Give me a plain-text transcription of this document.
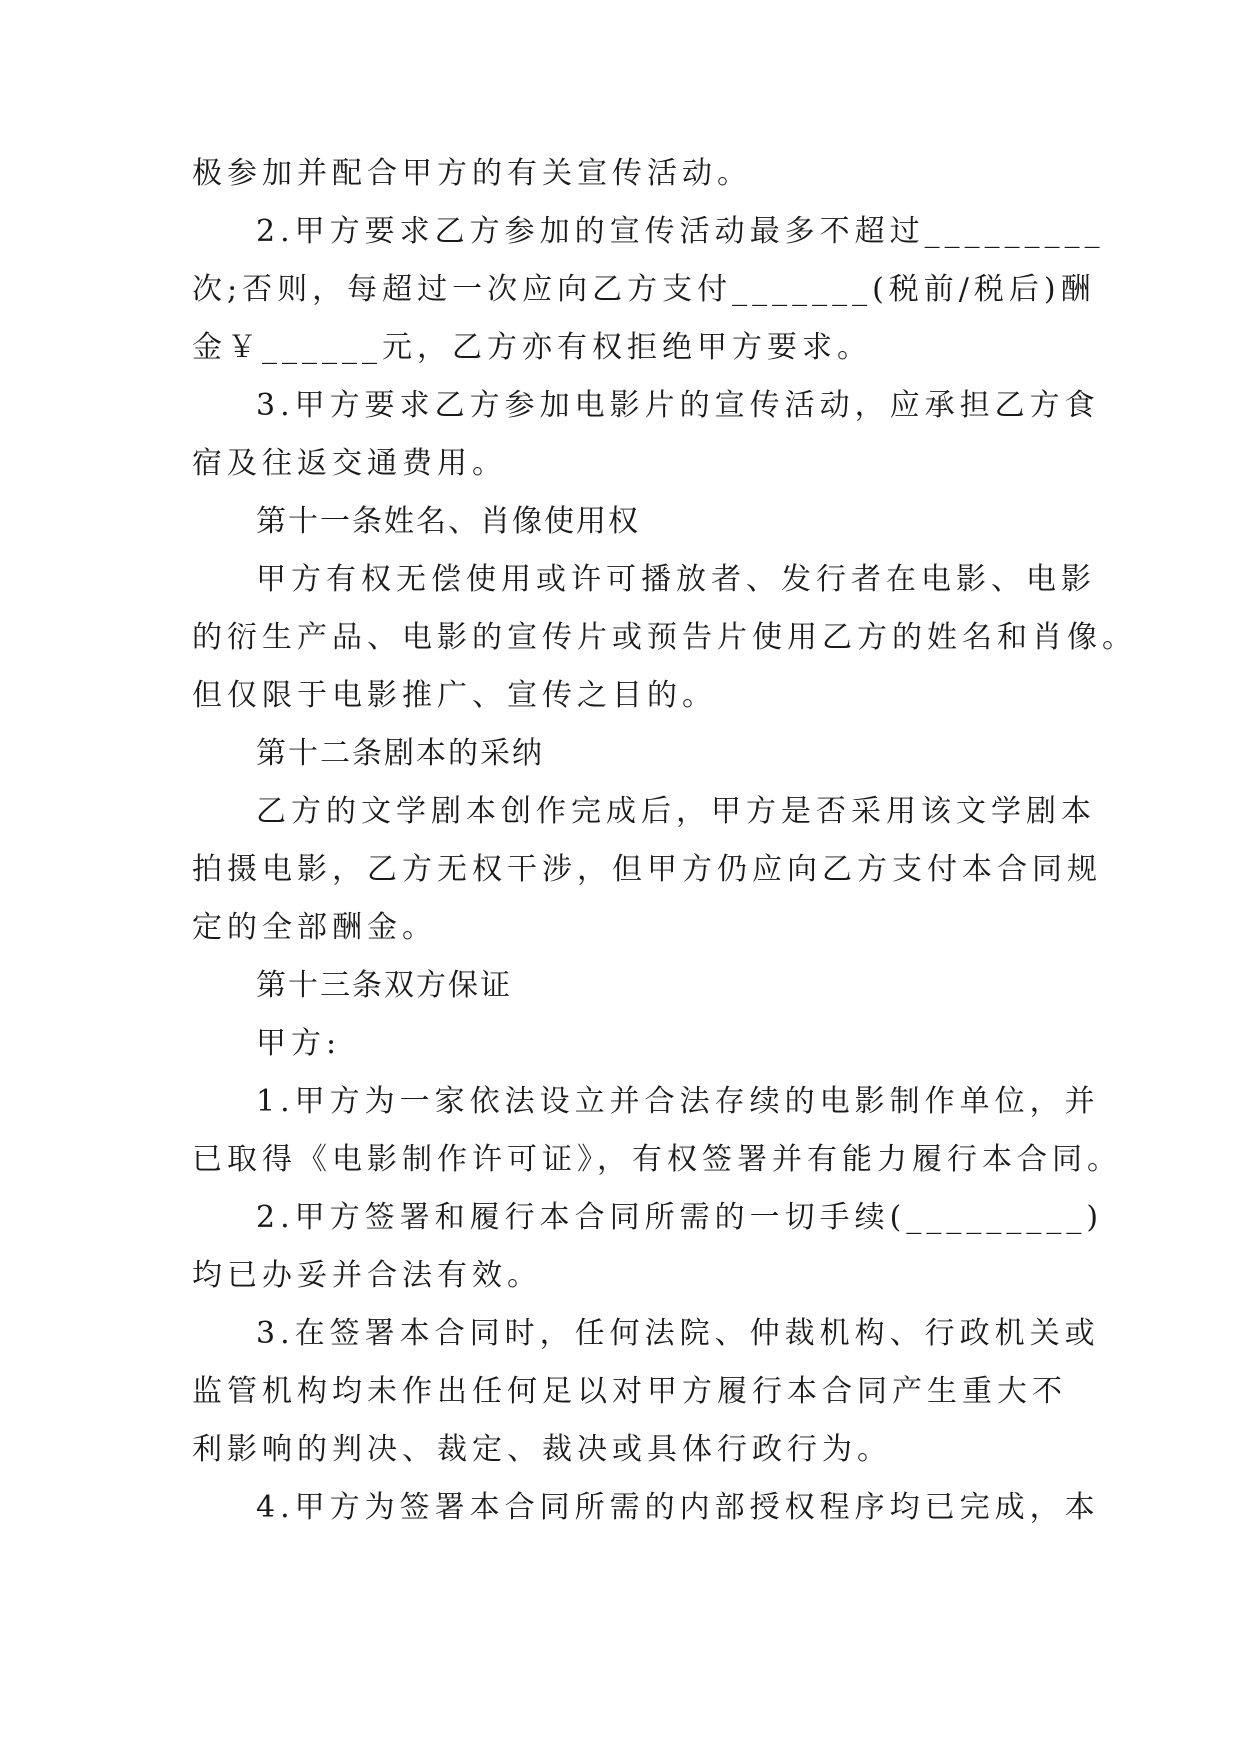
极参加并配合甲方的有关宣传活动。
2.甲方要求乙方参加的宣传活动最多不超过_________
次;否则，每超过一次应向乙方支付_______(税前/税后)酬
金￥______元，乙方亦有权拒绝甲方要求。
3.甲方要求乙方参加电影片的宣传活动，应承担乙方食
宿及往返交通费用。
第十一条姓名、肖像使用权
甲方有权无偿使用或许可播放者、发行者在电影、电影
的衍生产品、电影的宣传片或预告片使用乙方的姓名和肖像。
但仅限于电影推广、宣传之目的。
第十二条剧本的采纳
乙方的文学剧本创作完成后，甲方是否采用该文学剧本
拍摄电影，乙方无权干涉，但甲方仍应向乙方支付本合同规
定的全部酬金。
第十三条双方保证
甲方:
1.甲方为一家依法设立并合法存续的电影制作单位，并
已取得《电影制作许可证》，有权签署并有能力履行本合同。
2.甲方签署和履行本合同所需的一切手续(_________)
均已办妥并合法有效。
3.在签署本合同时，任何法院、仲裁机构、行政机关或
监管机构均未作出任何足以对甲方履行本合同产生重大不
利影响的判决、裁定、裁决或具体行政行为。
4.甲方为签署本合同所需的内部授权程序均已完成，本
